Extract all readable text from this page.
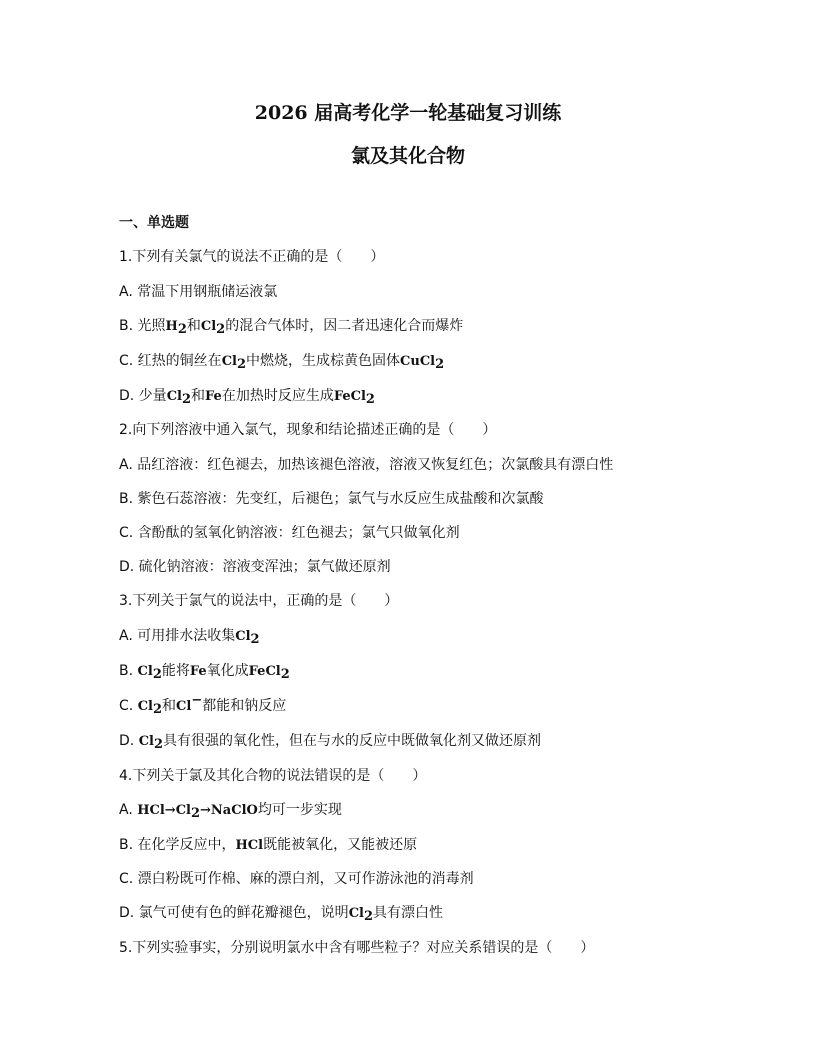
2026 届高考化学一轮基础复习训练
氯及其化合物
一、单选题
1.下列有关氯气的说法不正确的是（　　）
A. 常温下用钢瓶储运液氯
B. 光照$H_2$和$Cl_2$的混合气体时，因二者迅速化合而爆炸
C. 红热的铜丝在$Cl_2$中燃烧，生成棕黄色固体CuCl$_2$
D. 少量$Cl_2$和Fe在加热时反应生成FeCl$_2$
2.向下列溶液中通入氯气，现象和结论描述正确的是（　　）
A. 品红溶液：红色褪去，加热该褪色溶液，溶液又恢复红色；次氯酸具有漂白性
B. 紫色石蕊溶液：先变红，后褪色；氯气与水反应生成盐酸和次氯酸
C. 含酚酞的氢氧化钠溶液：红色褪去；氯气只做氧化剂
D. 硫化钠溶液：溶液变浑浊；氯气做还原剂
3.下列关于氯气的说法中，正确的是（　　）
A. 可用排水法收集$Cl_2$
B. $Cl_2$能将Fe氧化成FeCl$_2$
C. $Cl_2$和Cl−都能和钠反应
D. $Cl_2$具有很强的氧化性，但在与水的反应中既做氧化剂又做还原剂
4.下列关于氯及其化合物的说法错误的是（　　）
A. $HCl\to Cl_2\to NaClO$均可一步实现
B. 在化学反应中，HCl既能被氧化，又能被还原
C. 漂白粉既可作棉、麻的漂白剂，又可作游泳池的消毒剂
D. 氯气可使有色的鲜花瓣褪色，说明$Cl_2$具有漂白性
5.下列实验事实，分别说明氯水中含有哪些粒子？对应关系错误的是（　　）
